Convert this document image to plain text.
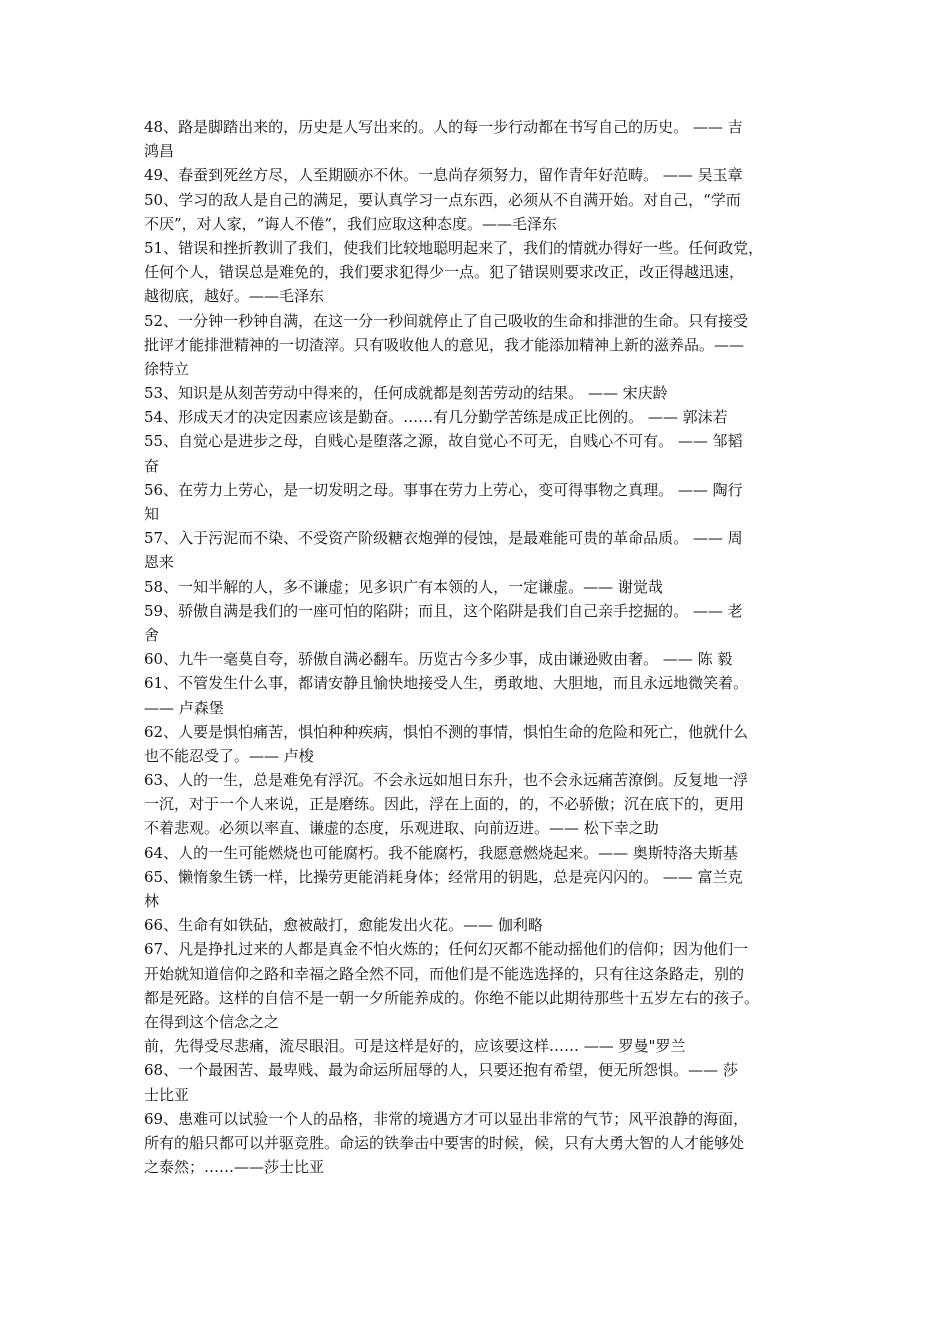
48、路是脚踏出来的，历史是人写出来的。人的每一步行动都在书写自己的历史。 —— 吉
鸿昌
49、春蚕到死丝方尽，人至期颐亦不休。一息尚存须努力，留作青年好范畴。 —— 吴玉章
50、学习的敌人是自己的满足，要认真学习一点东西，必须从不自满开始。对自己，“学而
不厌”，对人家，“诲人不倦”，我们应取这种态度。——毛泽东
51、错误和挫折教训了我们，使我们比较地聪明起来了，我们的情就办得好一些。任何政党，
任何个人，错误总是难免的，我们要求犯得少一点。犯了错误则要求改正，改正得越迅速，
越彻底，越好。——毛泽东
52、一分钟一秒钟自满，在这一分一秒间就停止了自己吸收的生命和排泄的生命。只有接受
批评才能排泄精神的一切渣滓。只有吸收他人的意见，我才能添加精神上新的滋养品。——
徐特立
53、知识是从刻苦劳动中得来的，任何成就都是刻苦劳动的结果。 —— 宋庆龄
54、形成天才的决定因素应该是勤奋。……有几分勤学苦练是成正比例的。 —— 郭沫若
55、自觉心是进步之母，自贱心是堕落之源，故自觉心不可无，自贱心不可有。 —— 邹韬
奋
56、在劳力上劳心，是一切发明之母。事事在劳力上劳心，变可得事物之真理。 —— 陶行
知
57、入于污泥而不染、不受资产阶级糖衣炮弹的侵蚀，是最难能可贵的革命品质。 —— 周
恩来
58、一知半解的人，多不谦虚；见多识广有本领的人，一定谦虚。—— 谢觉哉
59、骄傲自满是我们的一座可怕的陷阱；而且，这个陷阱是我们自己亲手挖掘的。 —— 老
舍
60、九牛一毫莫自夸，骄傲自满必翻车。历览古今多少事，成由谦逊败由奢。 —— 陈 毅
61、不管发生什么事，都请安静且愉快地接受人生，勇敢地、大胆地，而且永远地微笑着。
—— 卢森堡
62、人要是惧怕痛苦，惧怕种种疾病，惧怕不测的事情，惧怕生命的危险和死亡，他就什么
也不能忍受了。—— 卢梭
63、人的一生，总是难免有浮沉。不会永远如旭日东升，也不会永远痛苦潦倒。反复地一浮
一沉，对于一个人来说，正是磨练。因此，浮在上面的，的，不必骄傲；沉在底下的，更用
不着悲观。必须以率直、谦虚的态度，乐观进取、向前迈进。—— 松下幸之助
64、人的一生可能燃烧也可能腐朽。我不能腐朽，我愿意燃烧起来。—— 奥斯特洛夫斯基
65、懒惰象生锈一样，比操劳更能消耗身体；经常用的钥匙，总是亮闪闪的。 —— 富兰克
林
66、生命有如铁砧，愈被敲打，愈能发出火花。—— 伽利略
67、凡是挣扎过来的人都是真金不怕火炼的；任何幻灭都不能动摇他们的信仰；因为他们一
开始就知道信仰之路和幸福之路全然不同，而他们是不能选选择的，只有往这条路走，别的
都是死路。这样的自信不是一朝一夕所能养成的。你绝不能以此期待那些十五岁左右的孩子。
在得到这个信念之之
前，先得受尽悲痛，流尽眼泪。可是这样是好的，应该要这样…… —— 罗曼"罗兰
68、一个最困苦、最卑贱、最为命运所屈辱的人，只要还抱有希望，便无所怨惧。—— 莎
士比亚
69、患难可以试验一个人的品格，非常的境遇方才可以显出非常的气节；风平浪静的海面，
所有的船只都可以并驱竞胜。命运的铁拳击中要害的时候，候，只有大勇大智的人才能够处
之泰然；……——莎士比亚
